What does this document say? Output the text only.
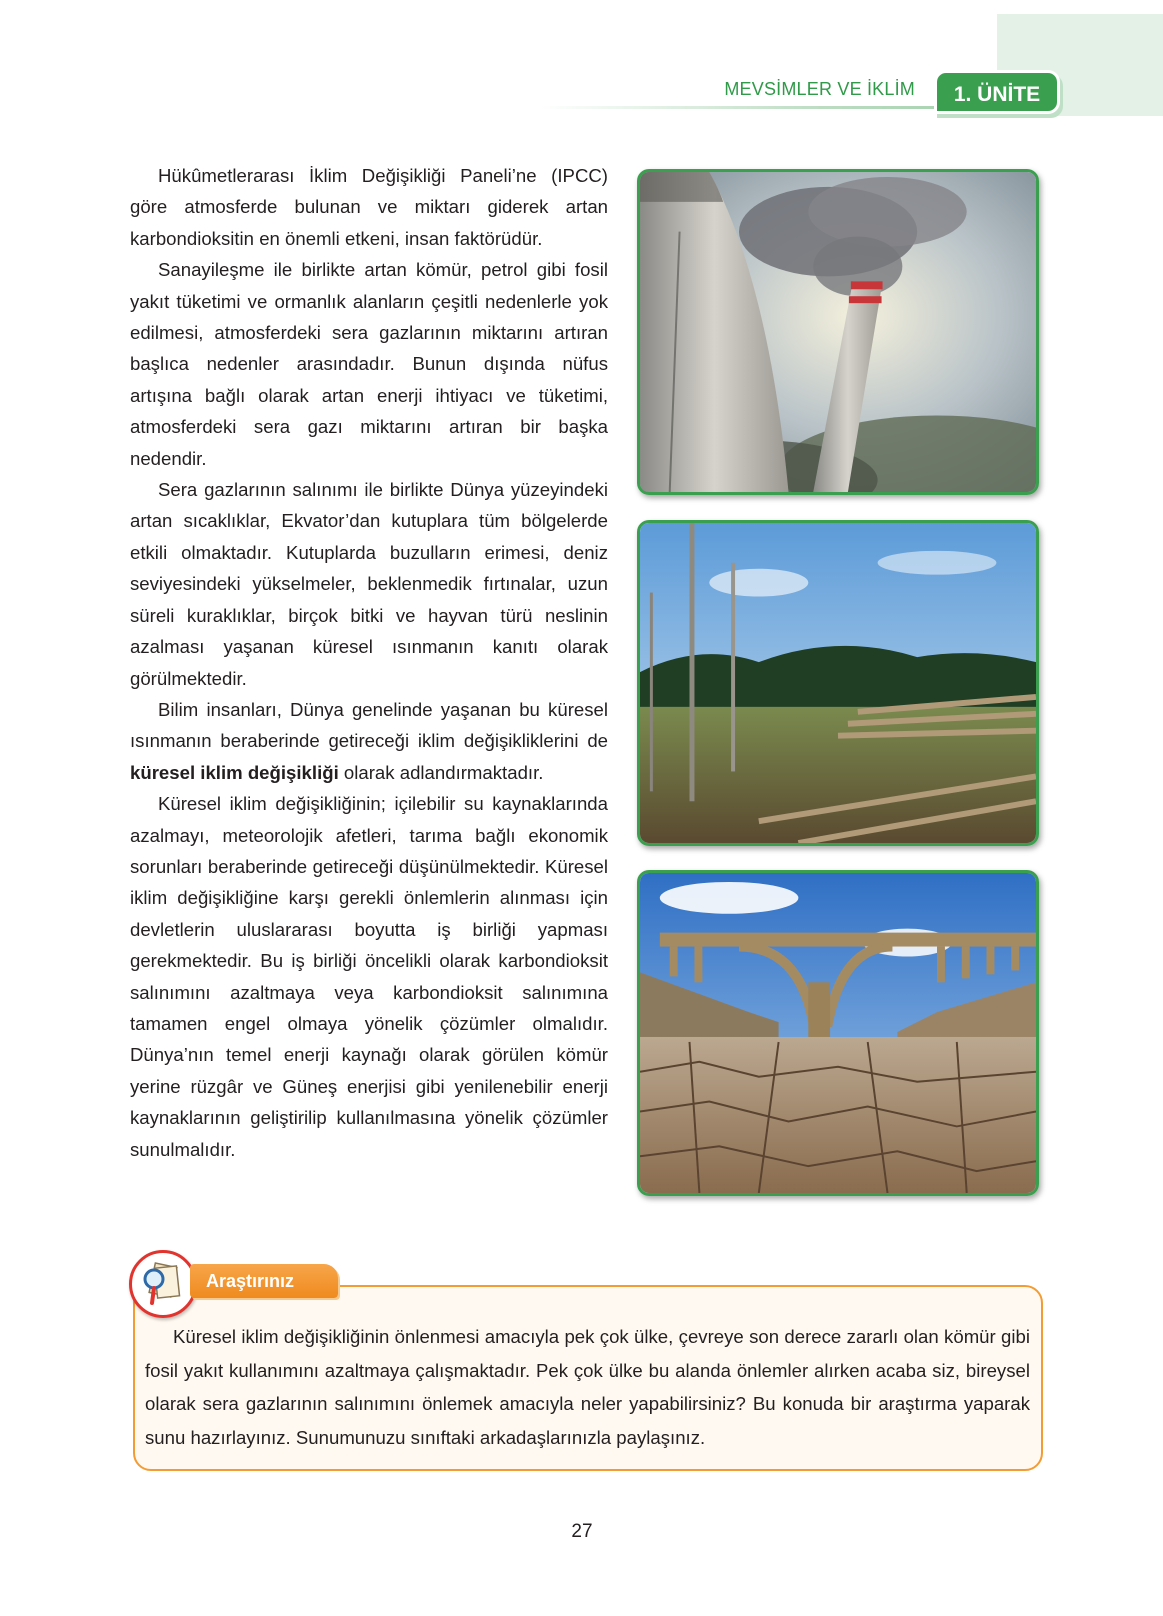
MEVSİMLER VE İKLİM	1. ÜNİTE

Hükûmetlerarası İklim Değişikliği Paneli’ne (IPCC) göre atmosferde bulunan ve miktarı giderek artan karbondioksitin en önemli etkeni, insan faktörüdür.

Sanayileşme ile birlikte artan kömür, petrol gibi fosil yakıt tüketimi ve ormanlık alanların çeşitli nedenlerle yok edilmesi, atmosferdeki sera gazlarının miktarını artıran başlıca nedenler arasındadır. Bunun dışında nüfus artışına bağlı olarak artan enerji ihtiyacı ve tüketimi, atmosferdeki sera gazı miktarını artıran bir başka nedendir.

Sera gazlarının salınımı ile birlikte Dünya yüzeyindeki artan sıcaklıklar, Ekvator’dan kutuplara tüm bölgelerde etkili olmaktadır. Kutuplarda buzulların erimesi, deniz seviyesindeki yükselmeler, beklenmedik fırtınalar, uzun süreli kuraklıklar, birçok bitki ve hayvan türü neslinin azalması yaşanan küresel ısınmanın kanıtı olarak görülmektedir.

Bilim insanları, Dünya genelinde yaşanan bu küresel ısınmanın beraberinde getireceği iklim değişikliklerini de küresel iklim değişikliği olarak adlandırmaktadır.

Küresel iklim değişikliğinin; içilebilir su kaynaklarında azalmayı, meteorolojik afetleri, tarıma bağlı ekonomik sorunları beraberinde getireceği düşünülmektedir. Küresel iklim değişikliğine karşı gerekli önlemlerin alınması için devletlerin uluslararası boyutta iş birliği yapması gerekmektedir. Bu iş birliği öncelikli olarak karbondioksit salınımını azaltmaya veya karbondioksit salınımına tamamen engel olmaya yönelik çözümler olmalıdır. Dünya’nın temel enerji kaynağı olarak görülen kömür yerine rüzgâr ve Güneş enerjisi gibi yenilenebilir enerji kaynaklarının geliştirilip kullanılmasına yönelik çözümler sunulmalıdır.

Araştırınız

Küresel iklim değişikliğinin önlenmesi amacıyla pek çok ülke, çevreye son derece zararlı olan kömür gibi fosil yakıt kullanımını azaltmaya çalışmaktadır. Pek çok ülke bu alanda önlemler alırken acaba siz, bireysel olarak sera gazlarının salınımını önlemek amacıyla neler yapabilirsiniz? Bu konuda bir araştırma yaparak sunu hazırlayınız. Sunumunuzu sınıftaki arkadaşlarınızla paylaşınız.

27
